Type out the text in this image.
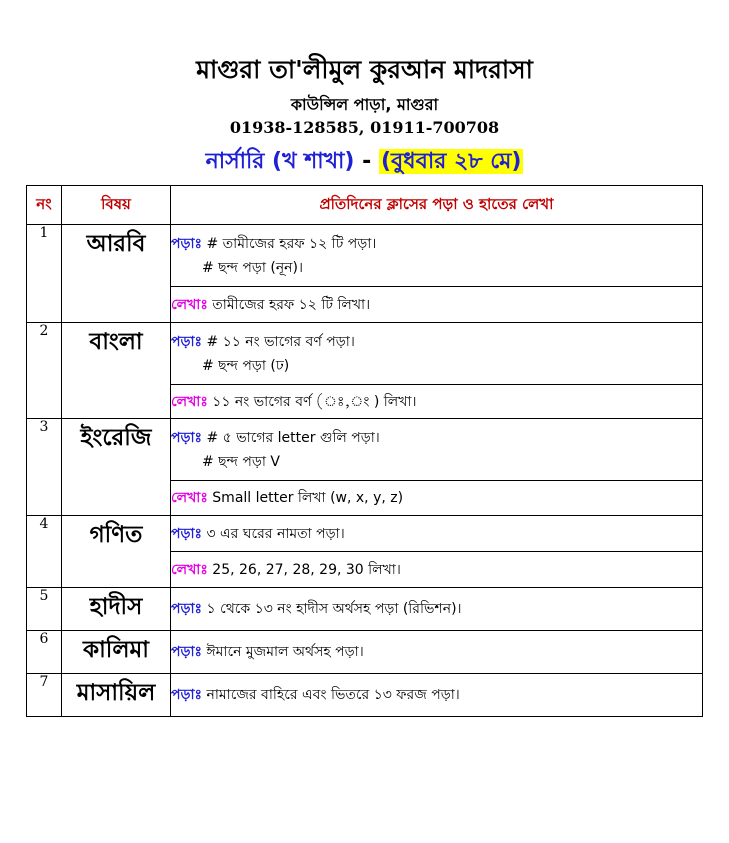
মাগুরা তা'লীমুল কুরআন মাদরাসা
কাউন্সিল পাড়া, মাগুরা
01938-128585, 01911-700708
নার্সারি (খ শাখা) - (বুধবার ২৮ মে)
নং	বিষয়	প্রতিদিনের ক্লাসের পড়া ও হাতের লেখা
1	আরবি	পড়াঃ # তামীজের হরফ ১২ টি পড়া।
# ছন্দ পড়া (নূন)।

		লেখাঃ তামীজের হরফ ১২ টি লিখা।
2	বাংলা	পড়াঃ # ১১ নং ভাগের বর্ণ পড়া।
# ছন্দ পড়া (ঢ)

		লেখাঃ ১১ নং ভাগের বর্ণ (ঃ,ং ) লিখা।
3	ইংরেজি	পড়াঃ # ৫ ভাগের letter গুলি পড়া।
# ছন্দ পড়া V

		লেখাঃ Small letter লিখা (w, x, y, z)
4	গণিত	পড়াঃ ৩ এর ঘরের নামতা পড়া।
		লেখাঃ 25, 26, 27, 28, 29, 30 লিখা।
5	হাদীস	পড়াঃ ১ থেকে ১৩ নং হাদীস অর্থসহ পড়া (রিভিশন)।
6	কালিমা	পড়াঃ ঈমানে মুজমাল অর্থসহ পড়া।
7	মাসায়িল	পড়াঃ নামাজের বাহিরে এবং ভিতরে ১৩ ফরজ পড়া।
